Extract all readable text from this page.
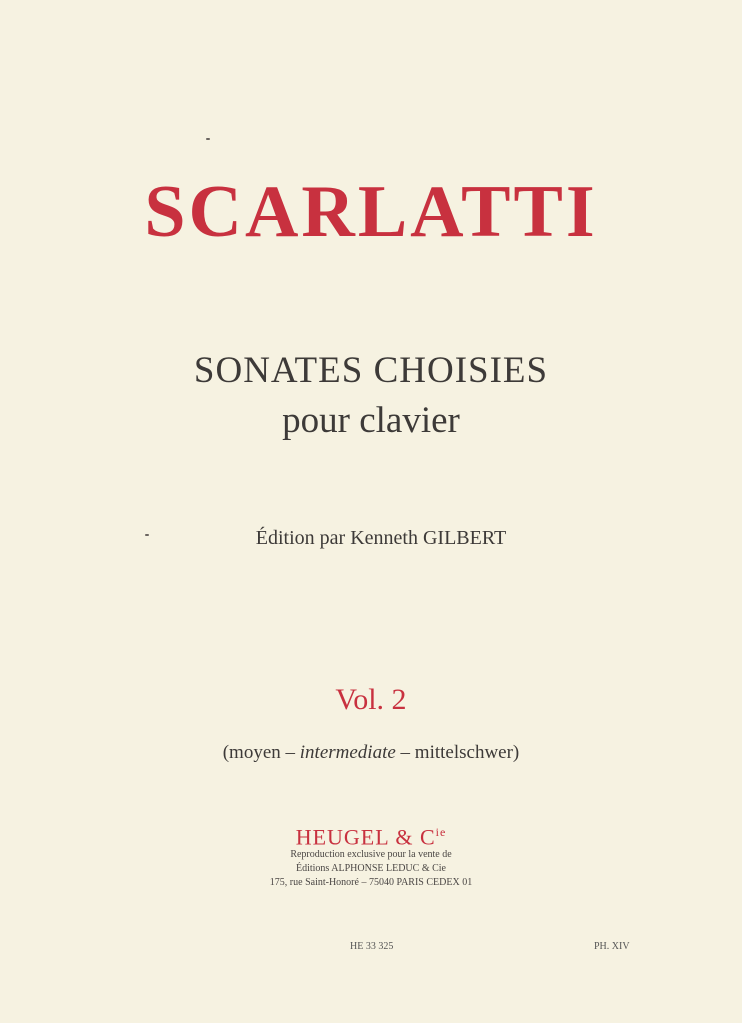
SCARLATTI
SONATES CHOISIES
pour clavier
Édition par Kenneth GILBERT
Vol. 2
(moyen – intermediate – mittelschwer)
HEUGEL & $C^{ie}$
Reproduction exclusive pour la vente de
Éditions ALPHONSE LEDUC & Cie
175, rue Saint-Honoré – 75040 PARIS CEDEX 01
HE 33 325	PH. XIV
